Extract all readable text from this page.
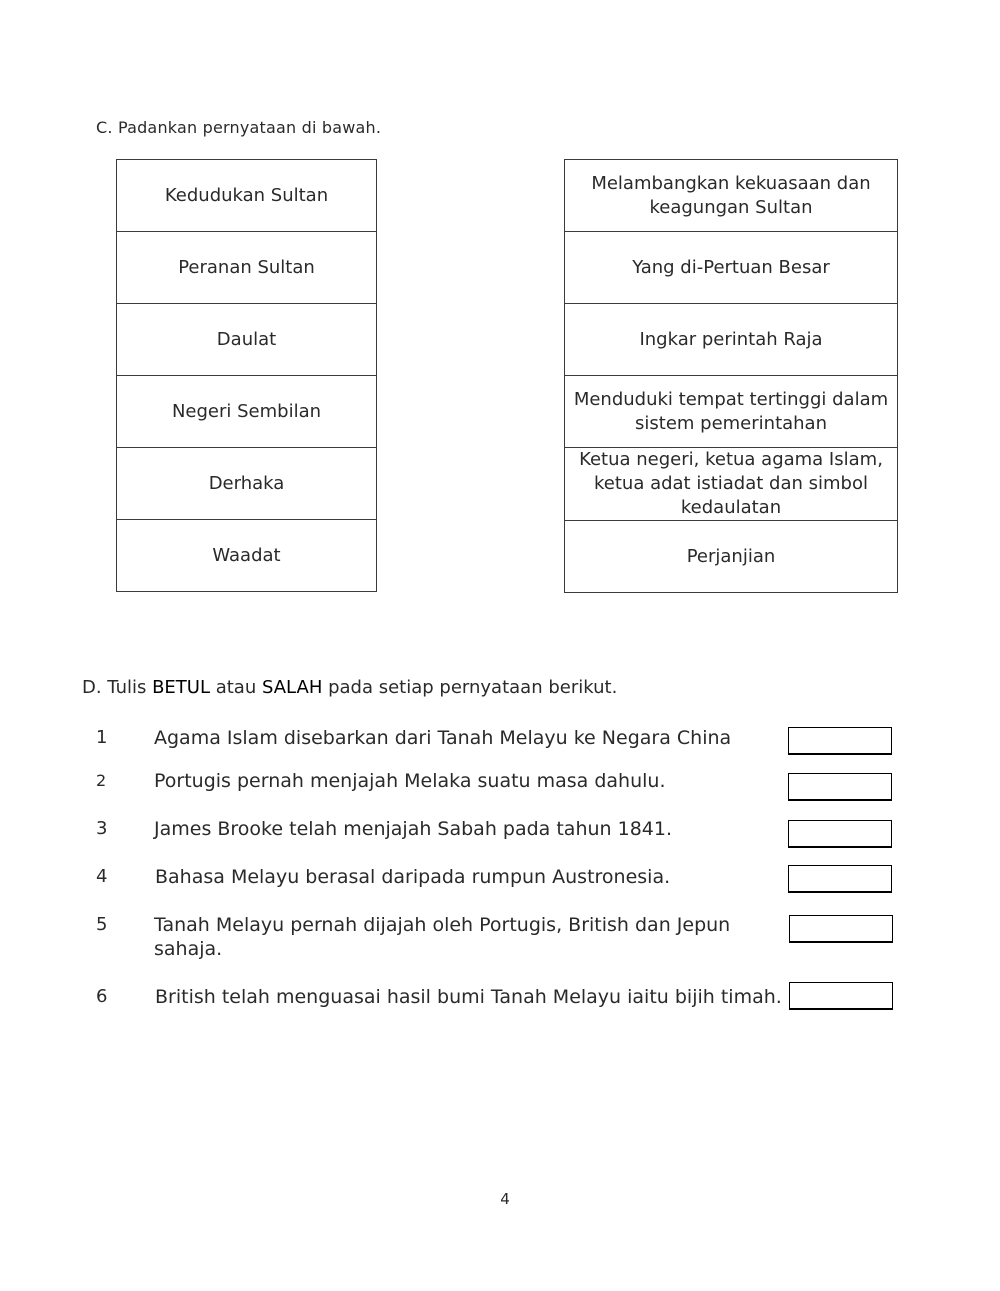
C. Padankan pernyataan di bawah.
Kedudukan Sultan
Peranan Sultan
Daulat
Negeri Sembilan
Derhaka
Waadat
Melambangkan kekuasaan dan keagungan Sultan
Yang di-Pertuan Besar
Ingkar perintah Raja
Menduduki tempat tertinggi dalam sistem pemerintahan
Ketua negeri, ketua agama Islam, ketua adat istiadat dan simbol kedaulatan
Perjanjian
D. Tulis BETUL atau SALAH pada setiap pernyataan berikut.
1 Agama Islam disebarkan dari Tanah Melayu ke Negara China
2	Portugis pernah menjajah Melaka suatu masa dahulu.
3 James Brooke telah menjajah Sabah pada tahun 1841.
4	Bahasa Melayu berasal daripada rumpun Austronesia.
5 Tanah Melayu pernah dijajah oleh Portugis, British dan Jepun sahaja.
6	British telah menguasai hasil bumi Tanah Melayu iaitu bijih timah.
4
